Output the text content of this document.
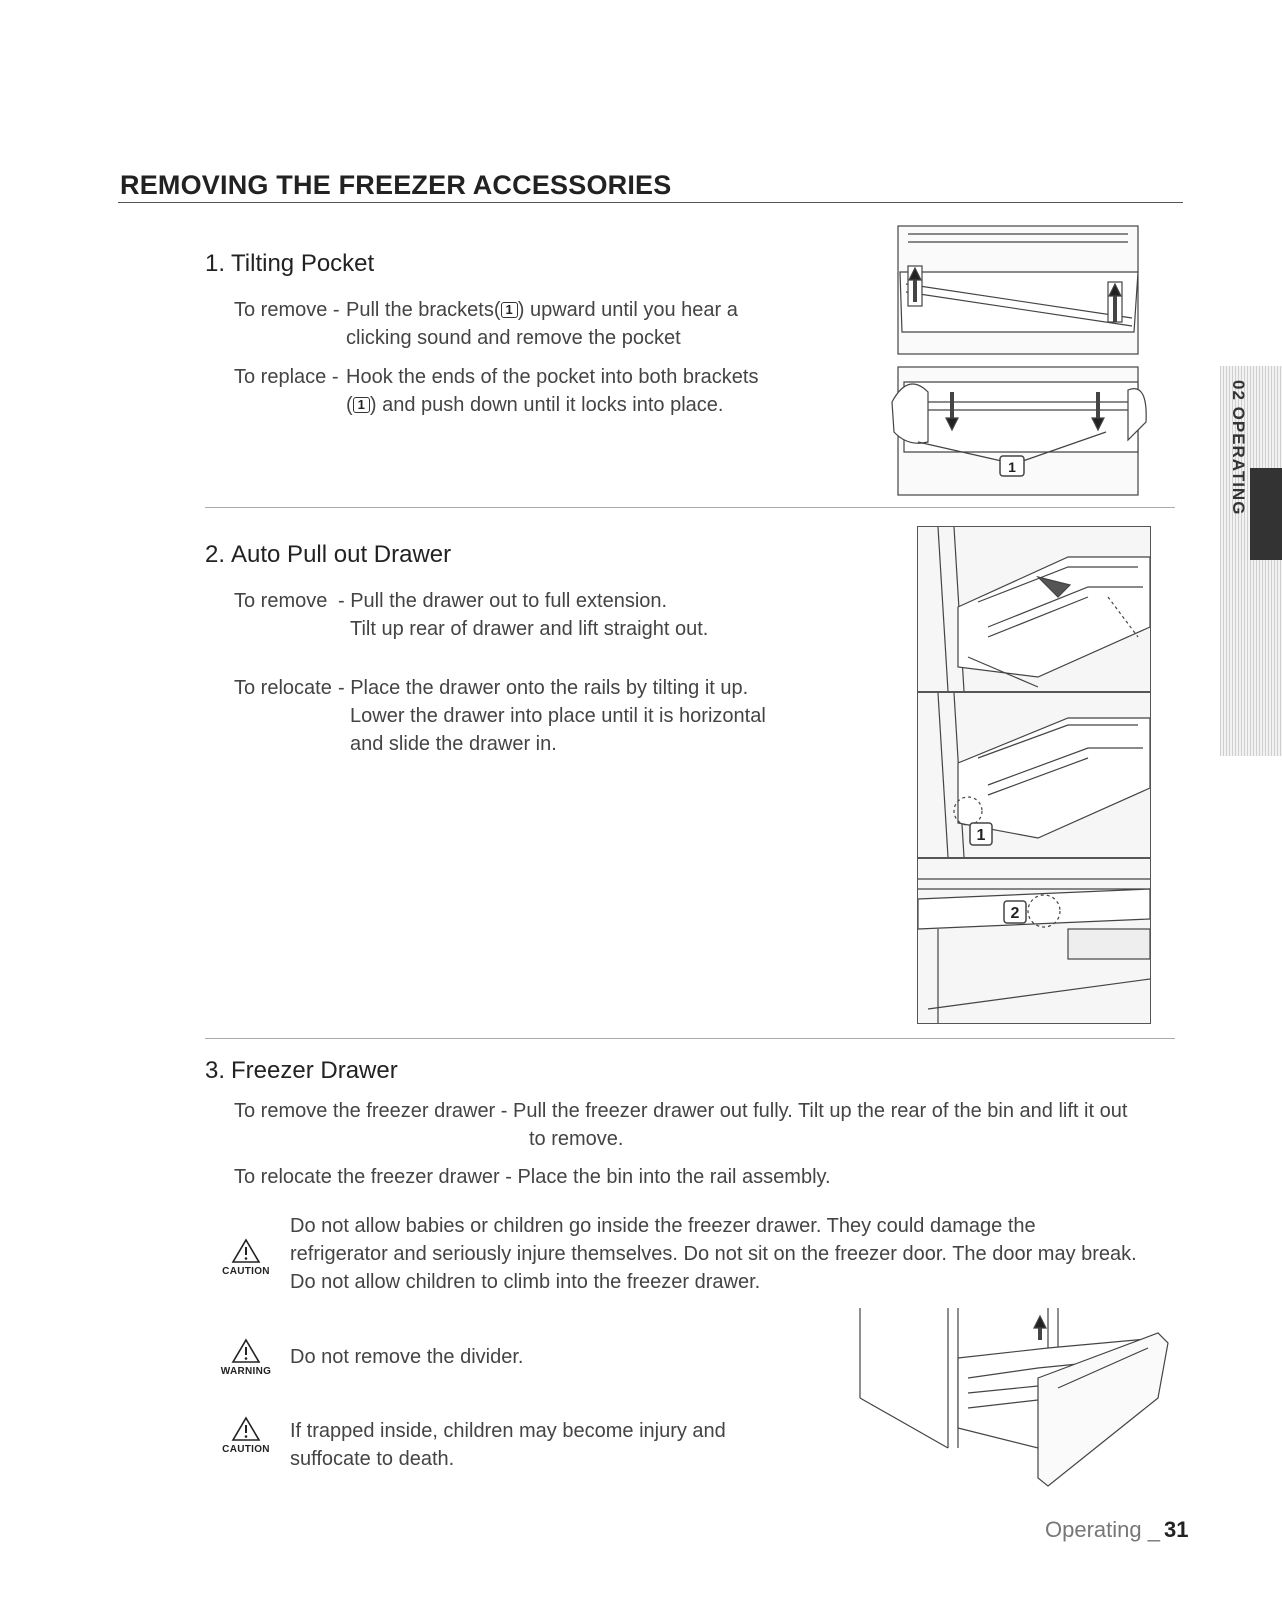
REMOVING THE FREEZER ACCESSORIES
02 OPERATING
1. Tilting Pocket
To remove - Pull the brackets( 1 ) upward until you hear a
clicking sound and remove the pocket
To replace - Hook the ends of the pocket into both brackets
( 1 ) and push down until it locks into place.
1
2. Auto Pull out Drawer
To remove - Pull the drawer out to full extension.
Tilt up rear of drawer and lift straight out.
To relocate - Place the drawer onto the rails by tilting it up.
Lower the drawer into place until it is horizontal
and slide the drawer in.
1
2
3. Freezer Drawer
To remove the freezer drawer - Pull the freezer drawer out fully. Tilt up the rear of the bin and lift it out
to remove.
To relocate the freezer drawer - Place the bin into the rail assembly.
CAUTION
Do not allow babies or children go inside the freezer drawer. They could damage the
refrigerator and seriously injure themselves. Do not sit on the freezer door. The door may break.
Do not allow children to climb into the freezer drawer.
WARNING
Do not remove the divider.
CAUTION
If trapped inside, children may become injury and
suffocate to death.
Operating _ 31
